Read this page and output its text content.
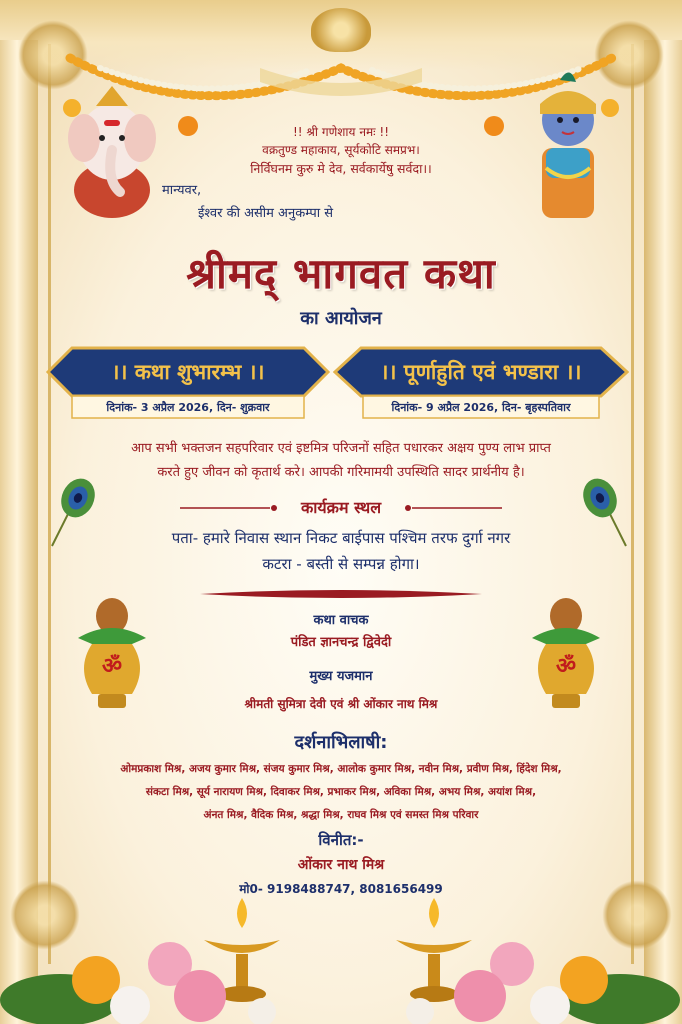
!! श्री गणेशाय नमः !!
वक्रतुण्ड महाकाय, सूर्यकोटि समप्रभ।
निर्विघनम कुरु मे देव, सर्वकार्येषु सर्वदा।।
मान्यवर,
ईश्वर की असीम अनुकम्पा से
श्रीमद् भागवत कथा
का आयोजन
।। कथा शुभारम्भ ।।
दिनांक- 3 अप्रैल 2026, दिन- शुक्रवार
।। पूर्णाहुति एवं भण्डारा ।।
दिनांक- 9 अप्रैल 2026, दिन- बृहस्पतिवार
आप सभी भक्तजन सहपरिवार एवं इष्टमित्र परिजनों सहित पधारकर अक्षय पुण्य लाभ प्राप्त
करते हुए जीवन को कृतार्थ करे। आपकी गरिमामयी उपस्थिति सादर प्रार्थनीय है।
कार्यक्रम स्थल
पता- हमारे निवास स्थान निकट बाईपास पश्चिम तरफ दुर्गा नगर
कटरा - बस्ती से सम्पन्न होगा।
कथा वाचक
पंडित ज्ञानचन्द्र द्विवेदी
मुख्य यजमान
श्रीमती सुमित्रा देवी एवं श्री ओंकार नाथ मिश्र
ॐ	ॐ
दर्शनाभिलाषी:
ओमप्रकाश मिश्र, अजय कुमार मिश्र, संजय कुमार मिश्र, आलोक कुमार मिश्र, नवीन मिश्र, प्रवीण मिश्र, हिंदेश मिश्र,
संकटा मिश्र, सूर्य नारायण मिश्र, दिवाकर मिश्र, प्रभाकर मिश्र, अविका मिश्र, अभय मिश्र, अयांश मिश्र,
अंनत मिश्र, वैदिक मिश्र, श्रद्धा मिश्र, राघव मिश्र एवं समस्त मिश्र परिवार
विनीत:-
ओंकार नाथ मिश्र
मो0- 9198488747, 8081656499
